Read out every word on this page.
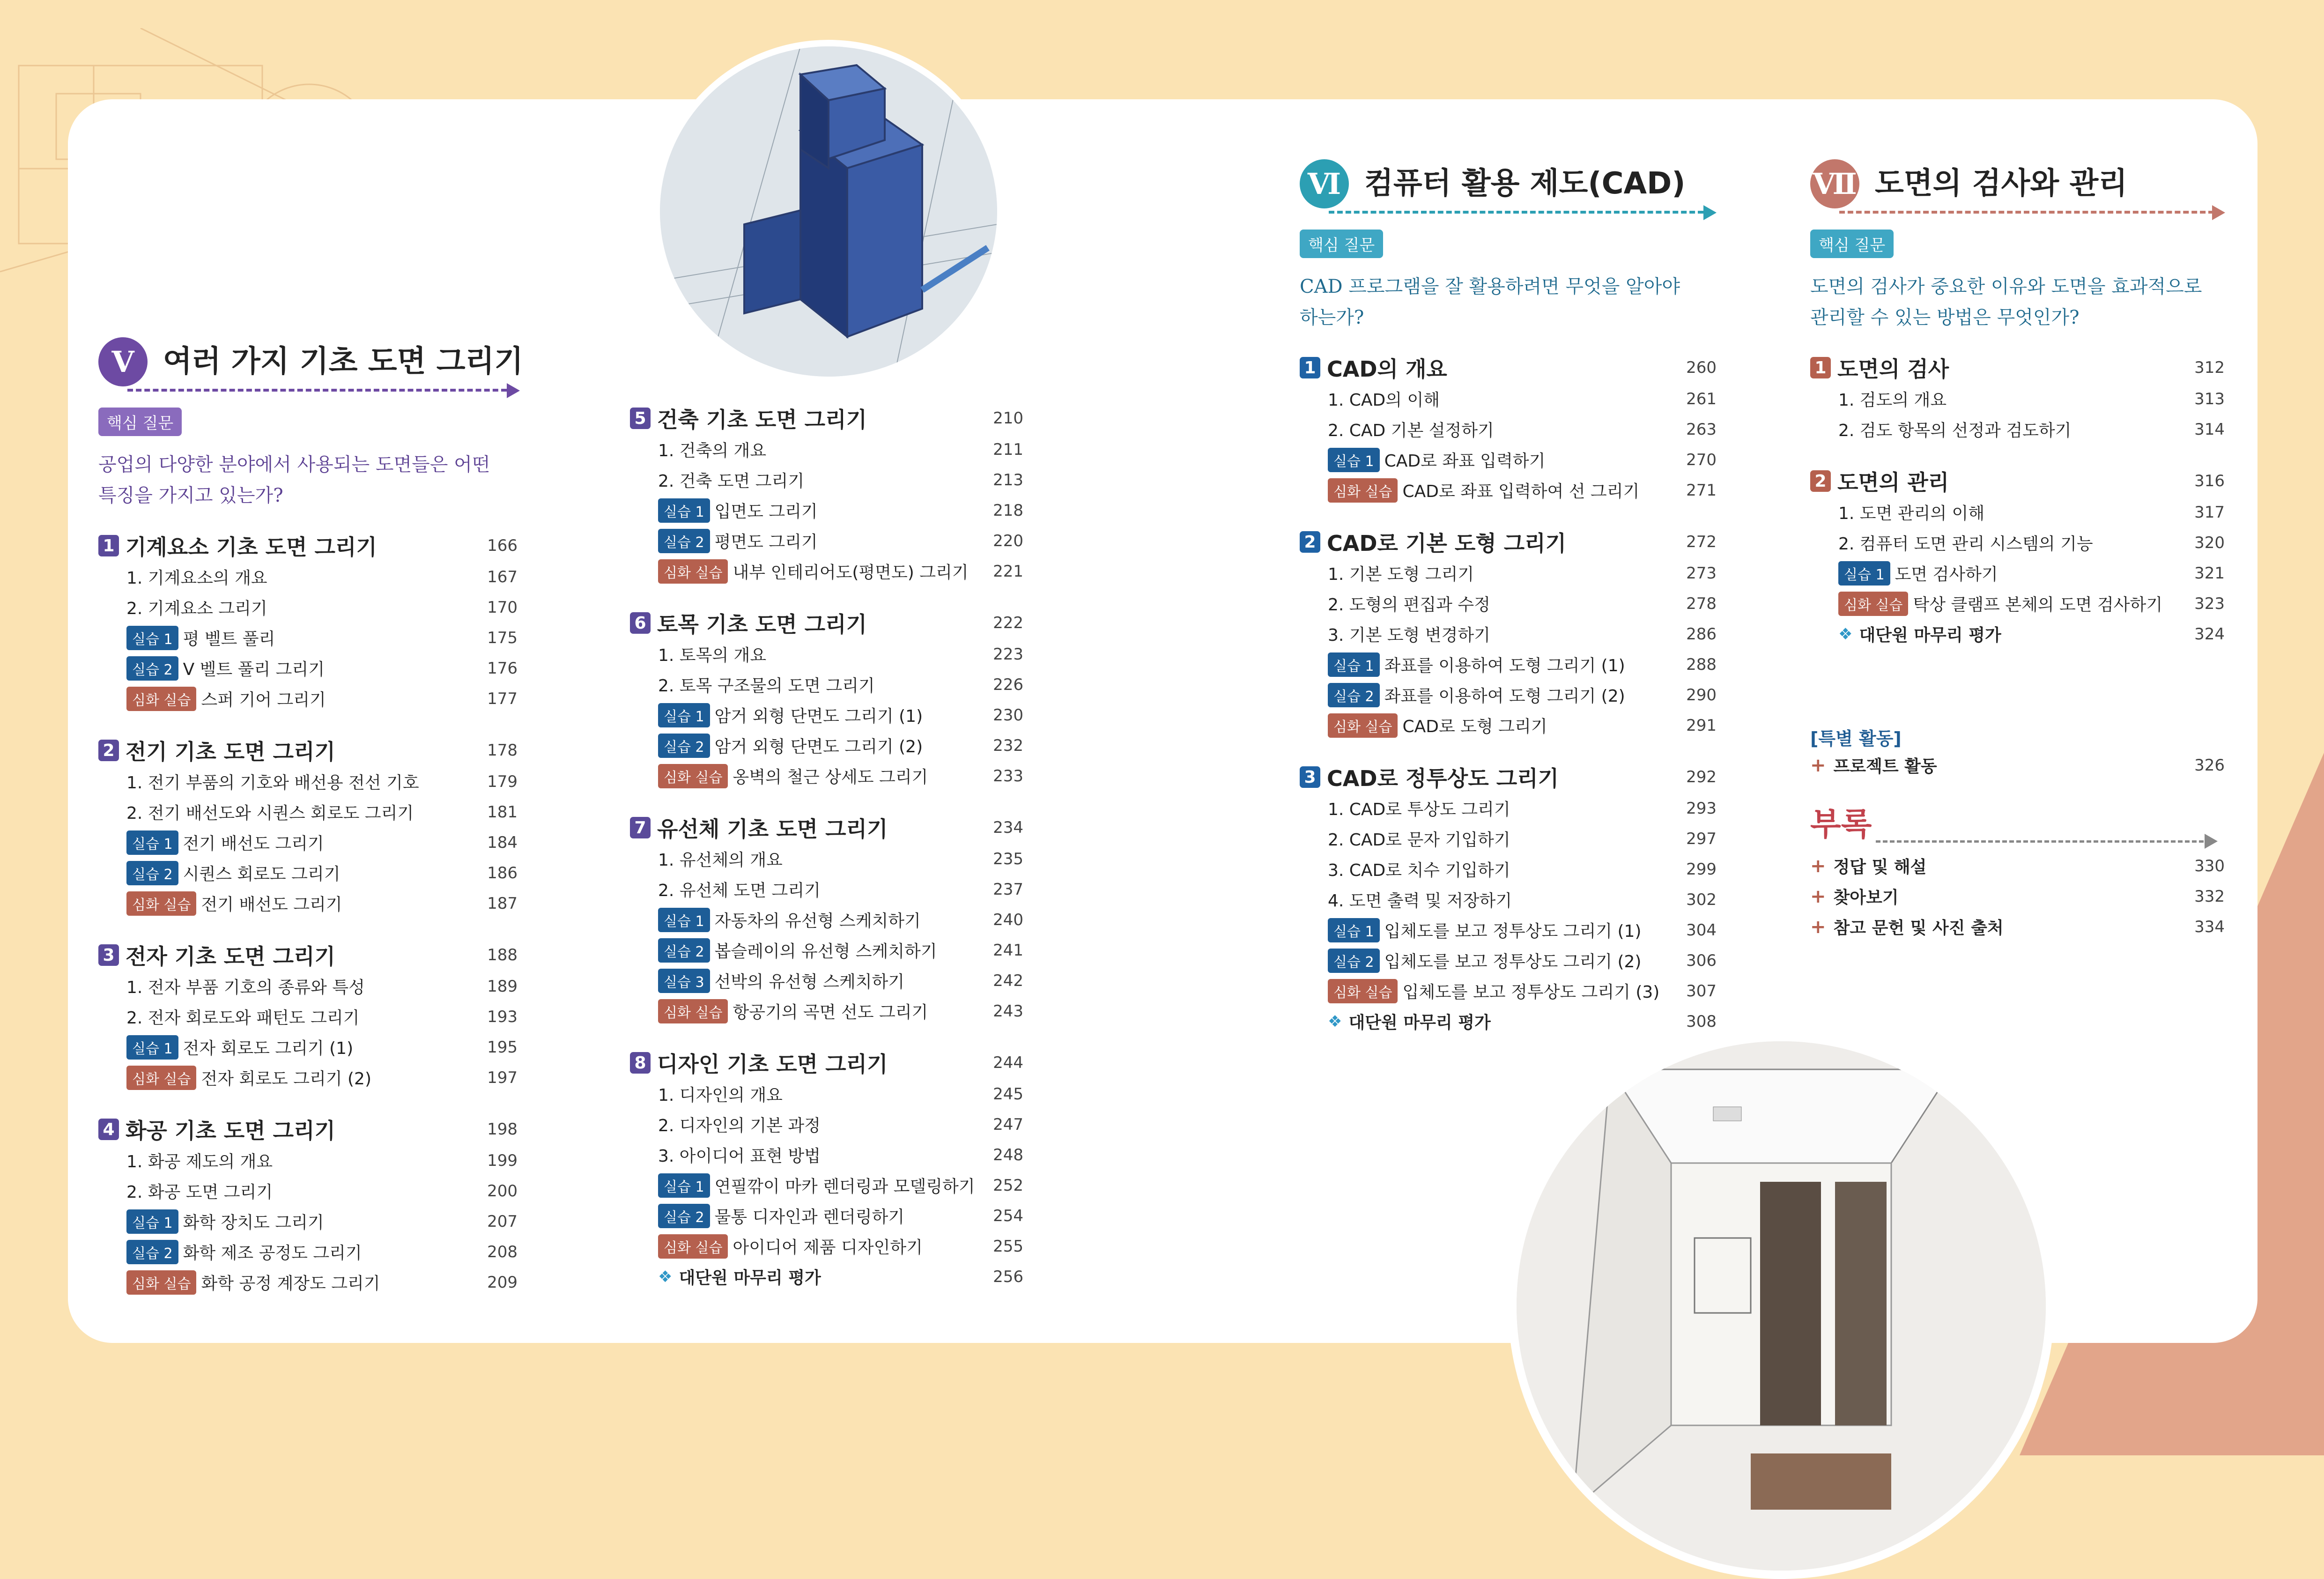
V 여러 가지 기초 도면 그리기
핵심 질문
공업의 다양한 분야에서 사용되는 도면들은 어떤
특징을 가지고 있는가?
1 기계요소 기초 도면 그리기	166
1. 기계요소의 개요	167
2. 기계요소 그리기	170
실습 1 평 벨트 풀리	175
실습 2 V 벨트 풀리 그리기	176
심화 실습 스퍼 기어 그리기	177
2 전기 기초 도면 그리기	178
1. 전기 부품의 기호와 배선용 전선 기호	179
2. 전기 배선도와 시퀀스 회로도 그리기	181
실습 1 전기 배선도 그리기	184
실습 2 시퀀스 회로도 그리기	186
심화 실습 전기 배선도 그리기	187
3 전자 기초 도면 그리기	188
1. 전자 부품 기호의 종류와 특성	189
2. 전자 회로도와 패턴도 그리기	193
실습 1 전자 회로도 그리기 (1)	195
심화 실습 전자 회로도 그리기 (2)	197
4 화공 기초 도면 그리기	198
1. 화공 제도의 개요	199
2. 화공 도면 그리기	200
실습 1 화학 장치도 그리기	207
실습 2 화학 제조 공정도 그리기	208
심화 실습 화학 공정 계장도 그리기	209
5 건축 기초 도면 그리기	210
1. 건축의 개요	211
2. 건축 도면 그리기	213
실습 1 입면도 그리기	218
실습 2 평면도 그리기	220
심화 실습 내부 인테리어도(평면도) 그리기 221
6 토목 기초 도면 그리기	222
1. 토목의 개요	223
2. 토목 구조물의 도면 그리기	226
실습 1 암거 외형 단면도 그리기 (1)	230
실습 2 암거 외형 단면도 그리기 (2)	232
심화 실습 옹벽의 철근 상세도 그리기	233
7 유선체 기초 도면 그리기	234
1. 유선체의 개요	235
2. 유선체 도면 그리기	237
실습 1 자동차의 유선형 스케치하기	240
실습 2 봅슬레이의 유선형 스케치하기	241
실습 3 선박의 유선형 스케치하기	242
심화 실습 항공기의 곡면 선도 그리기	243
8 디자인 기초 도면 그리기	244
1. 디자인의 개요	245
2. 디자인의 기본 과정	247
3. 아이디어 표현 방법	248
실습 1 연필깎이 마카 렌더링과 모델링하기 252
실습 2 물통 디자인과 렌더링하기	254
심화 실습 아이디어 제품 디자인하기	255
❖ 대단원 마무리 평가	256
Ⅵ 컴퓨터 활용 제도(CAD)
핵심 질문
CAD 프로그램을 잘 활용하려면 무엇을 알아야
하는가?
1 CAD의 개요	260
1. CAD의 이해	261
2. CAD 기본 설정하기	263
실습 1 CAD로 좌표 입력하기	270
심화 실습 CAD로 좌표 입력하여 선 그리기	271
2 CAD로 기본 도형 그리기	272
1. 기본 도형 그리기	273
2. 도형의 편집과 수정	278
3. 기본 도형 변경하기	286
실습 1 좌표를 이용하여 도형 그리기 (1)	288
실습 2 좌표를 이용하여 도형 그리기 (2)	290
심화 실습 CAD로 도형 그리기	291
3 CAD로 정투상도 그리기	292
1. CAD로 투상도 그리기	293
2. CAD로 문자 기입하기	297
3. CAD로 치수 기입하기	299
4. 도면 출력 및 저장하기	302
실습 1 입체도를 보고 정투상도 그리기 (1)	304
실습 2 입체도를 보고 정투상도 그리기 (2)	306
심화 실습 입체도를 보고 정투상도 그리기 (3) 307
❖ 대단원 마무리 평가	308
Ⅶ 도면의 검사와 관리
핵심 질문
도면의 검사가 중요한 이유와 도면을 효과적으로
관리할 수 있는 방법은 무엇인가?
1 도면의 검사	312
1. 검도의 개요	313
2. 검도 항목의 선정과 검도하기	314
2 도면의 관리	316
1. 도면 관리의 이해	317
2. 컴퓨터 도면 관리 시스템의 기능	320
실습 1 도면 검사하기	321
심화 실습 탁상 클램프 본체의 도면 검사하기 323
❖ 대단원 마무리 평가	324
[특별 활동]
+ 프로젝트 활동	326
부록
+ 정답 및 해설	330
+ 찾아보기	332
+ 참고 문헌 및 사진 출처	334
